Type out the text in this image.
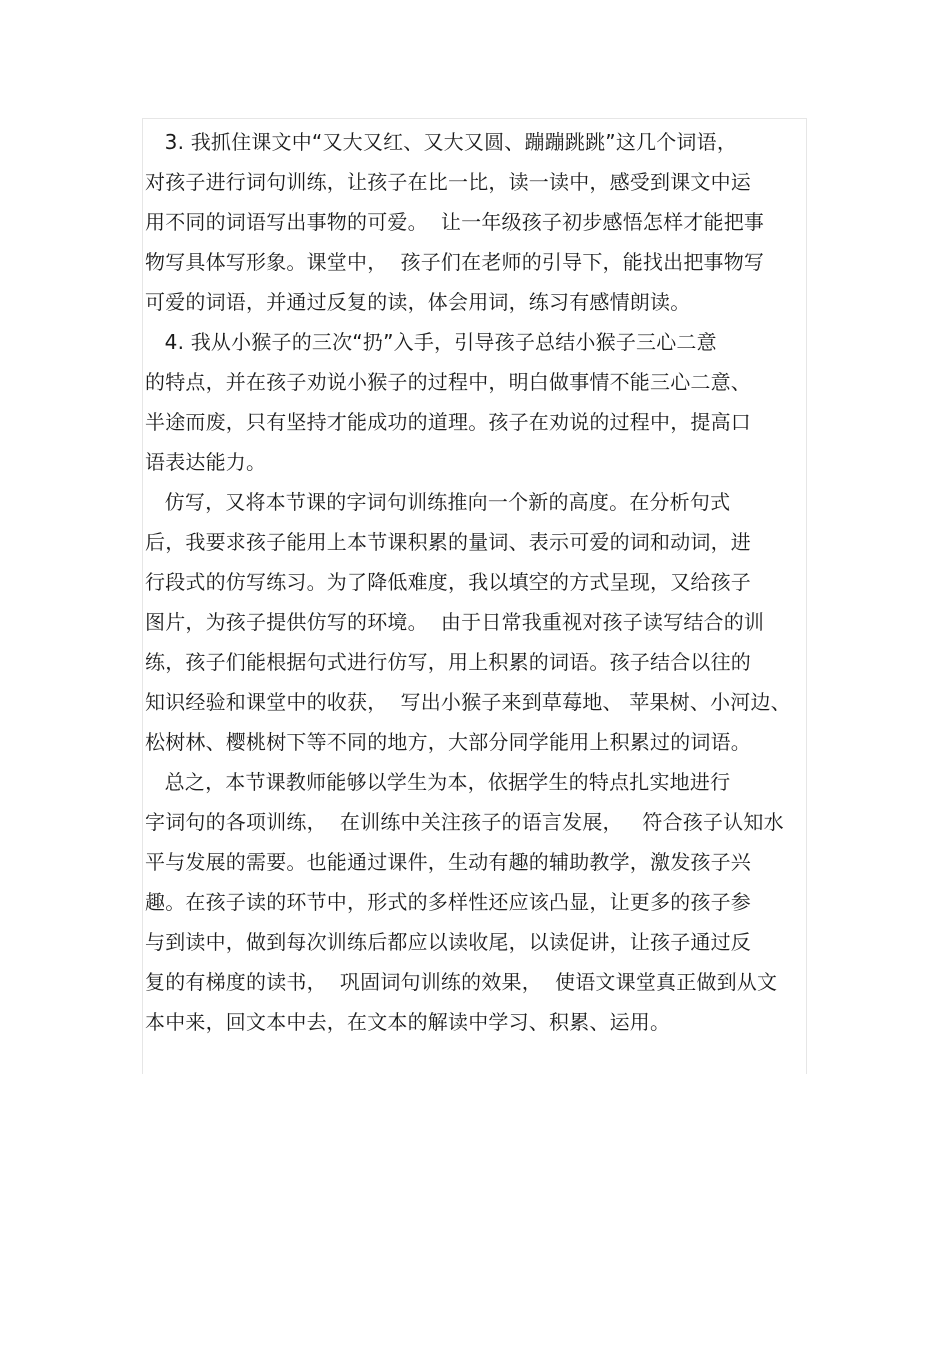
3. 我抓住课文中“又大又红、又大又圆、蹦蹦跳跳”这几个词语，
对孩子进行词句训练，让孩子在比一比，读一读中，感受到课文中运
用不同的词语写出事物的可爱。  让一年级孩子初步感悟怎样才能把事
物写具体写形象。课堂中，  孩子们在老师的引导下，能找出把事物写
可爱的词语，并通过反复的读，体会用词，练习有感情朗读。
4. 我从小猴子的三次“扔”入手，引导孩子总结小猴子三心二意
的特点，并在孩子劝说小猴子的过程中，明白做事情不能三心二意、
半途而废，只有坚持才能成功的道理。孩子在劝说的过程中，提高口
语表达能力。
仿写，又将本节课的字词句训练推向一个新的高度。在分析句式
后，我要求孩子能用上本节课积累的量词、表示可爱的词和动词，进
行段式的仿写练习。为了降低难度，我以填空的方式呈现，又给孩子
图片，为孩子提供仿写的环境。  由于日常我重视对孩子读写结合的训
练，孩子们能根据句式进行仿写，用上积累的词语。孩子结合以往的
知识经验和课堂中的收获，  写出小猴子来到草莓地、 苹果树、小河边、
松树林、樱桃树下等不同的地方，大部分同学能用上积累过的词语。
总之，本节课教师能够以学生为本，依据学生的特点扎实地进行
字词句的各项训练，  在训练中关注孩子的语言发展，   符合孩子认知水
平与发展的需要。也能通过课件，生动有趣的辅助教学，激发孩子兴
趣。在孩子读的环节中，形式的多样性还应该凸显，让更多的孩子参
与到读中，做到每次训练后都应以读收尾，以读促讲，让孩子通过反
复的有梯度的读书，  巩固词句训练的效果，  使语文课堂真正做到从文
本中来，回文本中去，在文本的解读中学习、积累、运用。
